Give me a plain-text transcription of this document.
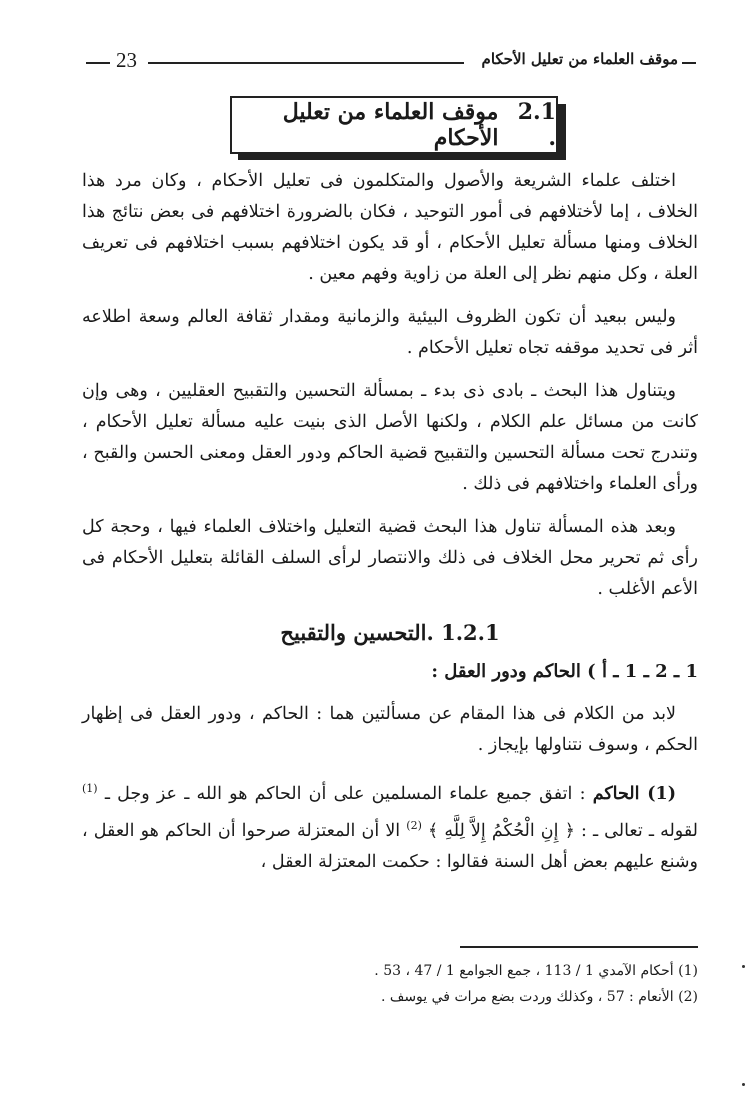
23	موقف العلماء من تعليل الأحكام
2.1 .
موقف العلماء من تعليل الأحكام

اختلف علماء الشريعة والأصول والمتكلمون فى تعليل الأحكام ، وكان مرد هذا الخلاف ، إما لأختلافهم فى أمور التوحيد ، فكان بالضرورة اختلافهم فى بعض نتائج هذا الخلاف ومنها مسألة تعليل الأحكام ، أو قد يكون اختلافهم بسبب اختلافهم فى تعريف العلة ، وكل منهم نظر إلى العلة من زاوية وفهم معين .

وليس ببعيد أن تكون الظروف البيئية والزمانية ومقدار ثقافة العالم وسعة اطلاعه أثر فى تحديد موقفه تجاه تعليل الأحكام .

ويتناول هذا البحث ـ بادى ذى بدء ـ بمسألة التحسين والتقبيح العقليين ، وهى وإن كانت من مسائل علم الكلام ، ولكنها الأصل الذى بنيت عليه مسألة تعليل الأحكام ، وتندرج تحت مسألة التحسين والتقبيح قضية الحاكم ودور العقل ومعنى الحسن والقبح ، ورأى العلماء واختلافهم فى ذلك .

وبعد هذه المسألة تناول هذا البحث قضية التعليل واختلاف العلماء فيها ، وحجة كل رأى ثم تحرير محل الخلاف فى ذلك والانتصار لرأى السلف القائلة بتعليل الأحكام فى الأعم الأغلب .

1.2.1 .التحسين والتقبيح
1 ـ 2 ـ 1 ـ أ ) الحاكم ودور العقل :

لابد من الكلام فى هذا المقام عن مسألتين هما : الحاكم ، ودور العقل فى إظهار الحكم ، وسوف نتناولها بإيجاز .

(1) الحاكم : اتفق جميع علماء المسلمين على أن الحاكم هو الله ـ عز وجل ـ $^{(1)}$ لقوله ـ تعالى ـ : ﴿ إِنِ الْحُكْمُ إِلاَّ لِلَّهِ ﴾ $^{(2)}$ الا أن المعتزلة صرحوا أن الحاكم هو العقل ، وشنع عليهم بعض أهل السنة فقالوا : حكمت المعتزلة العقل ،

(1) أحكام الآمدي 1 / 113 ، جمع الجوامع 1 / 47 ، 53 .
(2) الأنعام : 57 ، وكذلك وردت بضع مرات في يوسف .
